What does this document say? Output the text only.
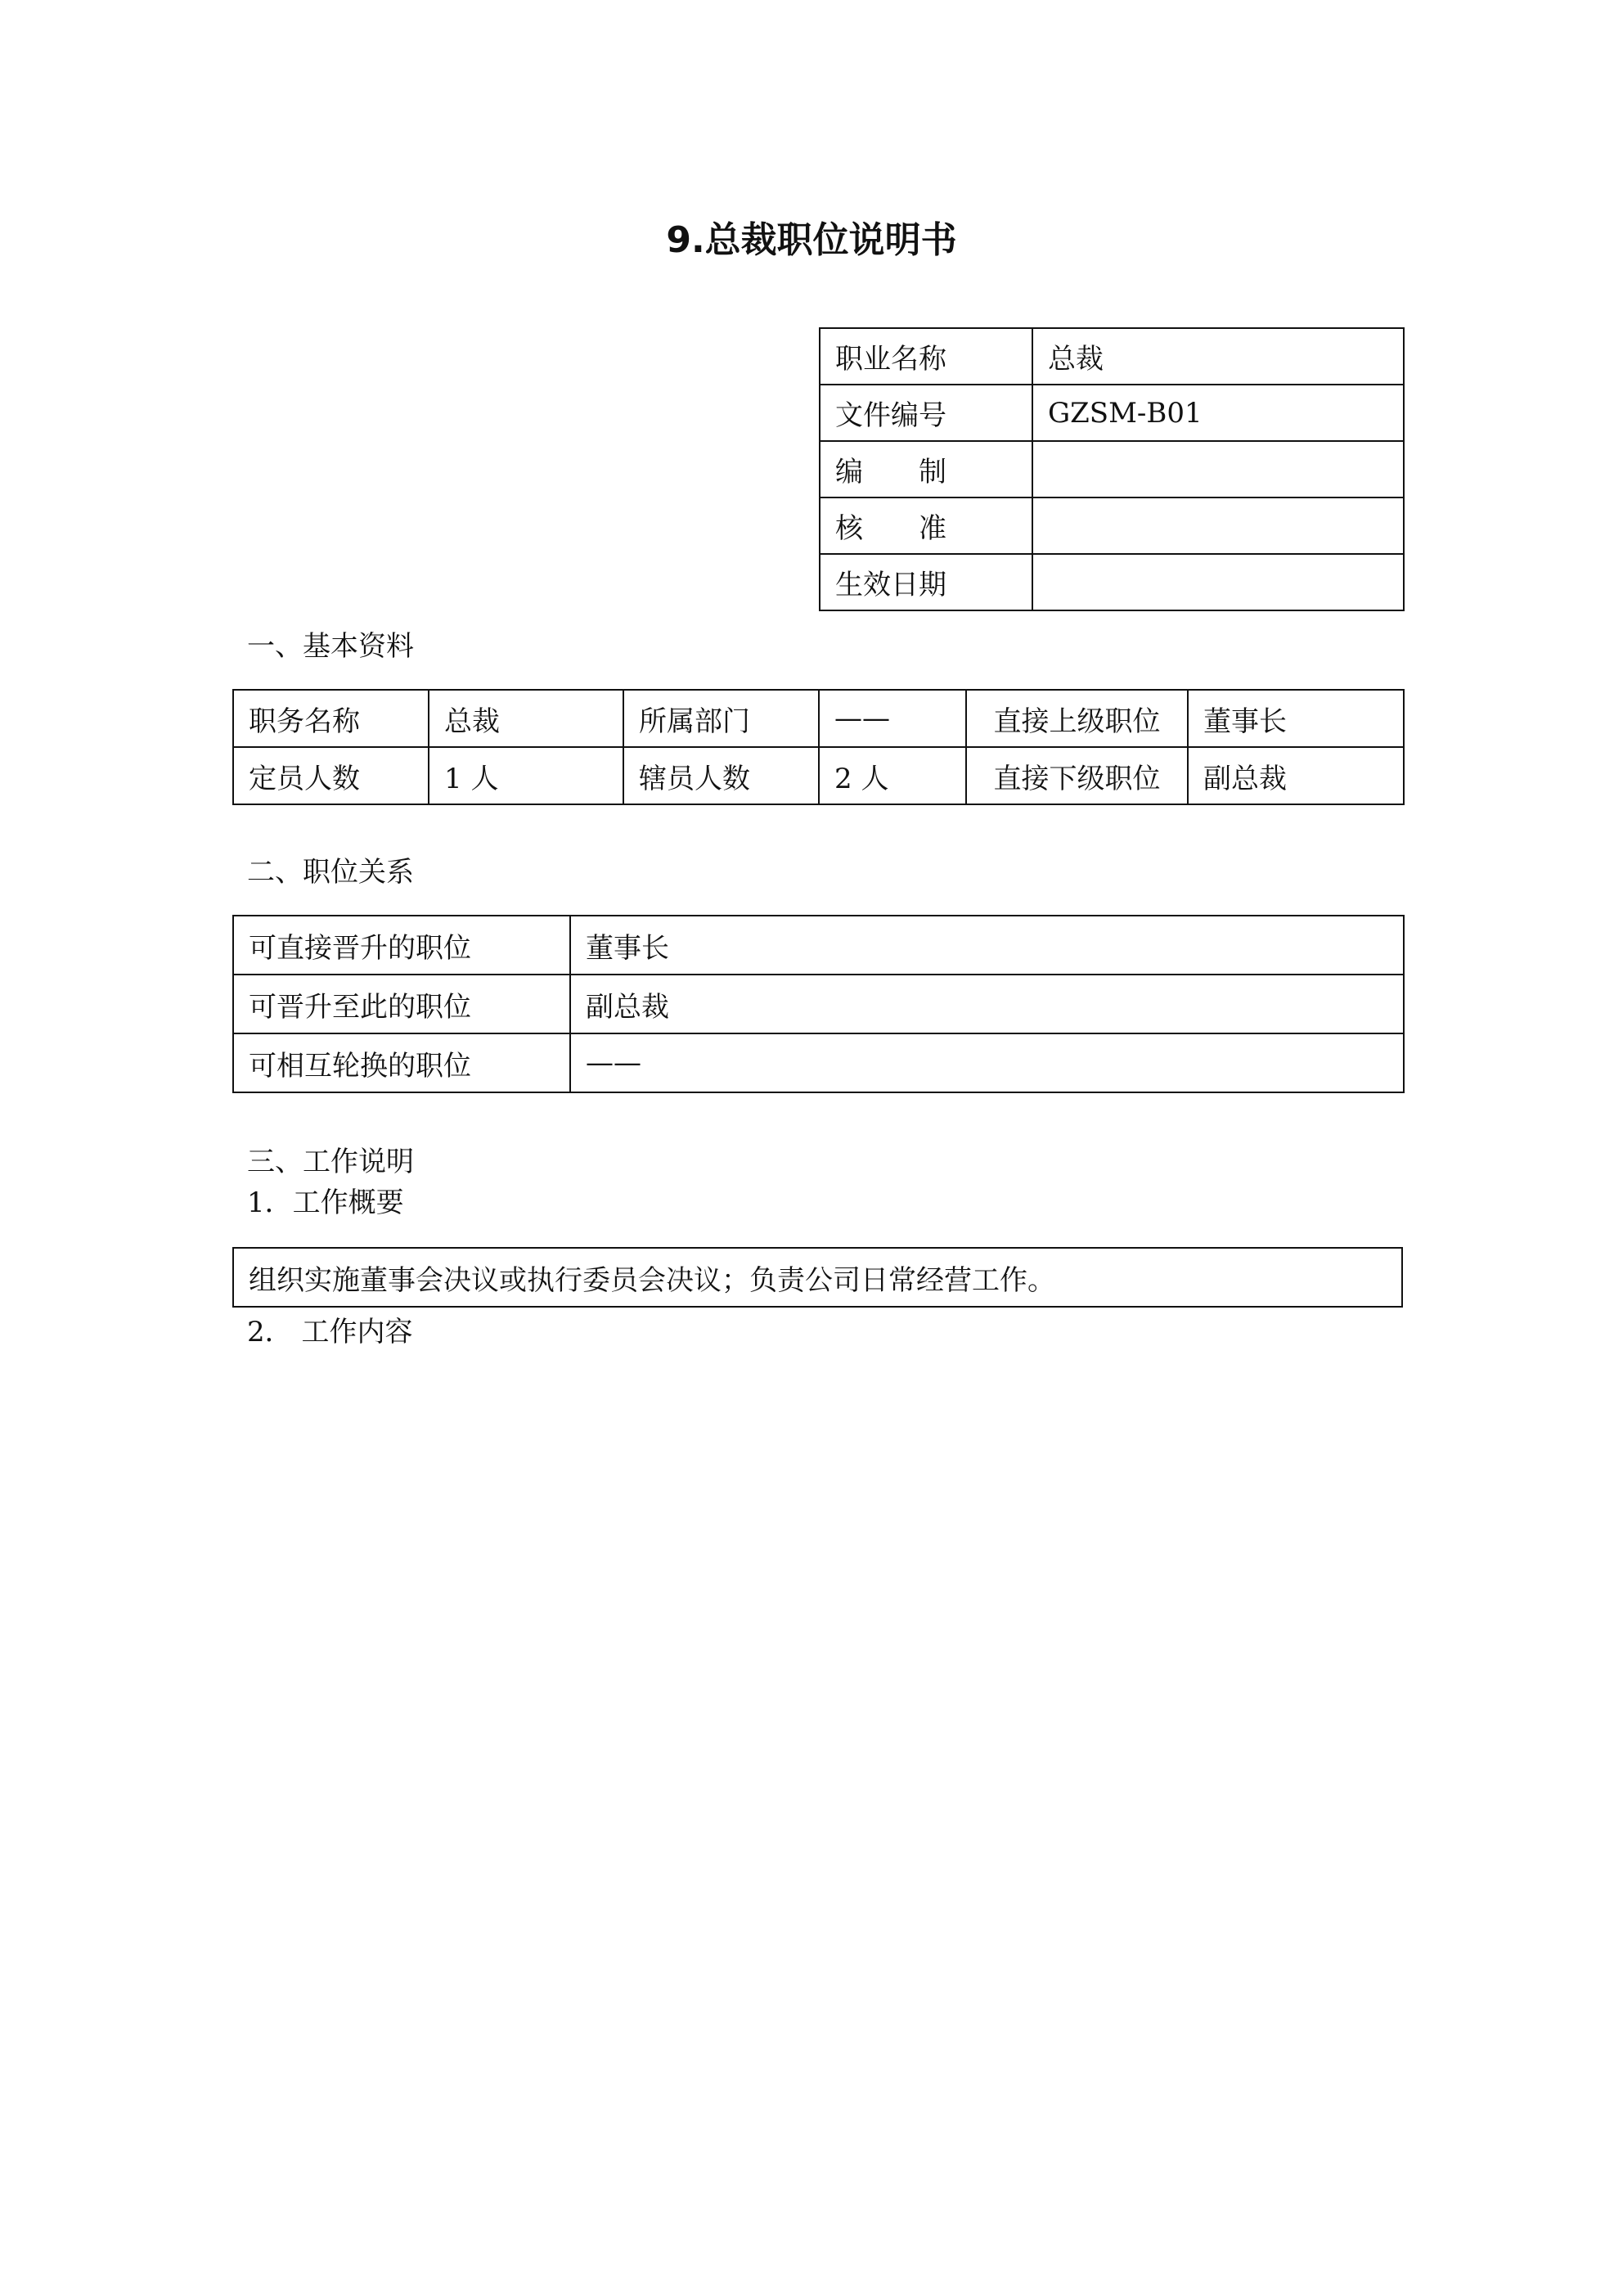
9.总裁职位说明书
职业名称	总裁
文件编号	GZSM-B01

编 制	

核 准	

生效日期	

一、基本资料

职务名称	总裁	所属部门	——	直接上级职位	董事长
定员人数	1 人	辖员人数	2 人	直接下级职位	副总裁

二、职位关系

可直接晋升的职位	董事长
可晋升至此的职位	副总裁
可相互轮换的职位	——

三、工作说明

1．工作概要

组织实施董事会决议或执行委员会决议；负责公司日常经营工作。

2． 工作内容
